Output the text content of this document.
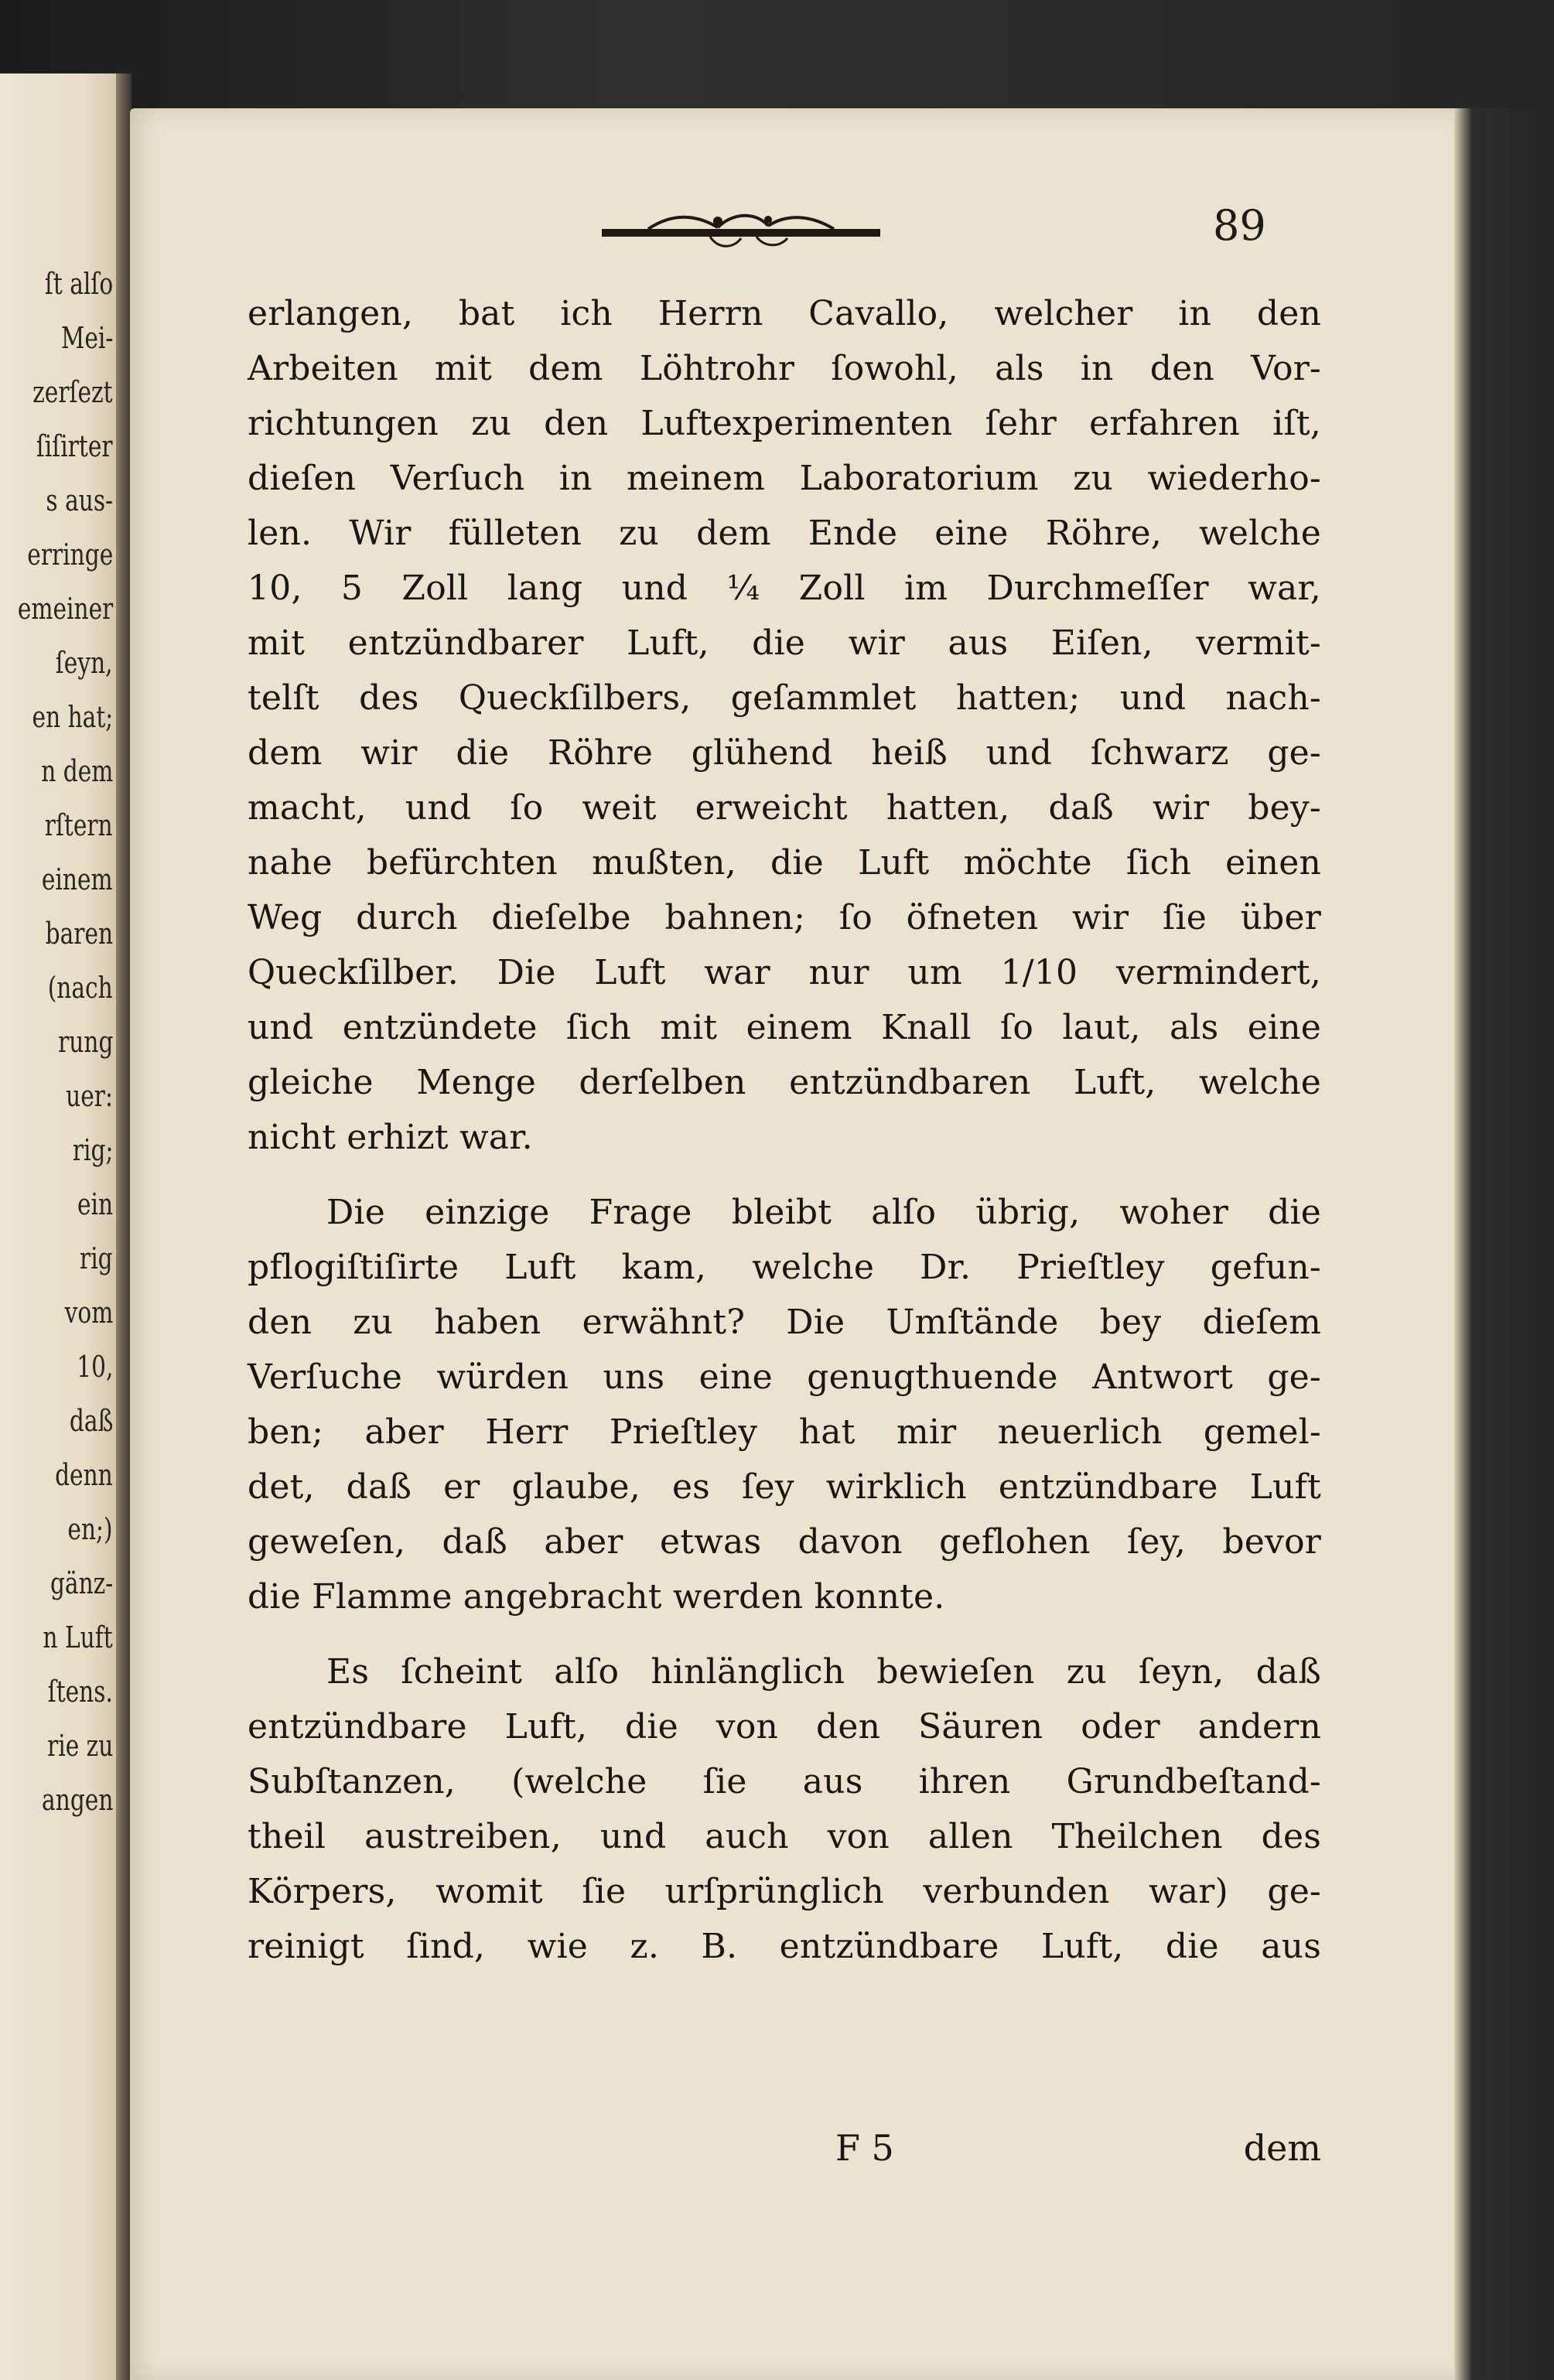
ſt alſo
Mei-
zerſezt
ſiſirter
s aus-
erringe
emeiner
ſeyn,
en hat;
n dem
rſtern
einem
baren
(nach
rung
uer:
rig;
ein
rig
vom
10,
daß
denn
en;)
gänz-
n Luft
ſtens.
rie zu
angen
89
erlangen, bat ich Herrn Cavallo, welcher in den
Arbeiten mit dem Löhtrohr ſowohl, als in den Vor-
richtungen zu den Luftexperimenten ſehr erfahren iſt,
dieſen Verſuch in meinem Laboratorium zu wiederho-
len. Wir fülleten zu dem Ende eine Röhre, welche
10, 5 Zoll lang und ¼ Zoll im Durchmeſſer war,
mit entzündbarer Luft, die wir aus Eiſen, vermit-
telſt des Queckſilbers, geſammlet hatten; und nach-
dem wir die Röhre glühend heiß und ſchwarz ge-
macht, und ſo weit erweicht hatten, daß wir bey-
nahe befürchten mußten, die Luft möchte ſich einen
Weg durch dieſelbe bahnen; ſo öfneten wir ſie über
Queckſilber. Die Luft war nur um 1/10 vermindert,
und entzündete ſich mit einem Knall ſo laut, als eine
gleiche Menge derſelben entzündbaren Luft, welche
nicht erhizt war.
Die einzige Frage bleibt alſo übrig, woher die
pflogiſtiſirte Luft kam, welche Dr. Prieſtley gefun-
den zu haben erwähnt? Die Umſtände bey dieſem
Verſuche würden uns eine genugthuende Antwort ge-
ben; aber Herr Prieſtley hat mir neuerlich gemel-
det, daß er glaube, es ſey wirklich entzündbare Luft
geweſen, daß aber etwas davon geflohen ſey, bevor
die Flamme angebracht werden konnte.
Es ſcheint alſo hinlänglich bewieſen zu ſeyn, daß
entzündbare Luft, die von den Säuren oder andern
Subſtanzen, (welche ſie aus ihren Grundbeſtand-
theil austreiben, und auch von allen Theilchen des
Körpers, womit ſie urſprünglich verbunden war) ge-
reinigt ſind, wie z. B. entzündbare Luft, die aus
F 5	dem
